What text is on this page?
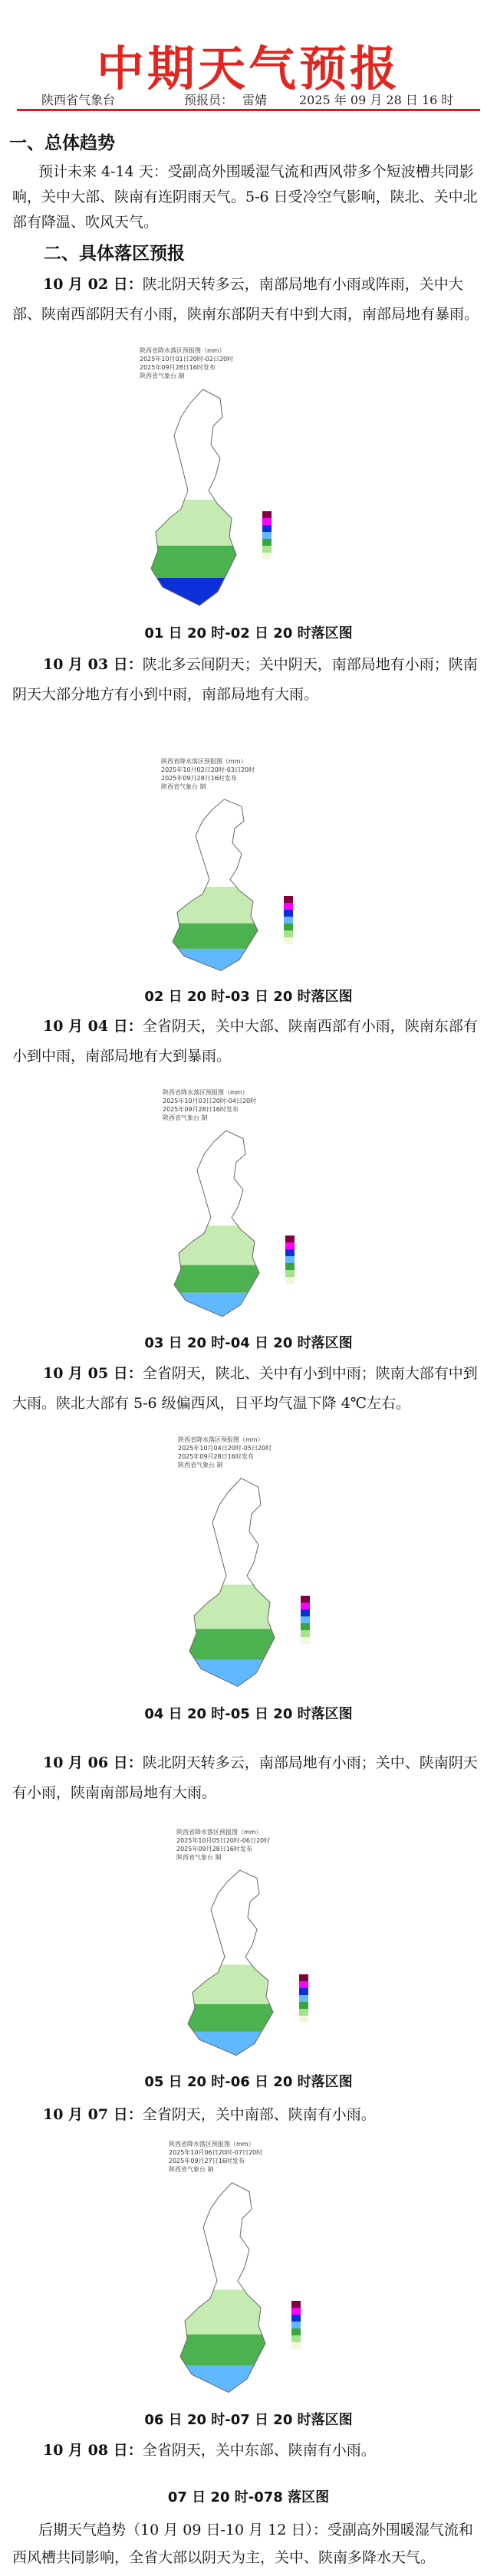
中期天气预报
陕西省气象台	预报员： 雷婧	2025 年 09 月 28 日 16 时
一、总体趋势
预计未来 4-14 天：受副高外围暖湿气流和西风带多个短波槽共同影响，关中大部、陕南有连阴雨天气。5-6 日受冷空气影响，陕北、关中北部有降温、吹风天气。
二、具体落区预报
10 月 02 日：陕北阴天转多云，南部局地有小雨或阵雨，关中大部、陕南西部阴天有小雨，陕南东部阴天有中到大雨，南部局地有暴雨。
陕西省降水落区预报图（mm）
2025年10月01日20时-02日20时
2025年09月28日16时发布
陕西省气象台 制
01 日 20 时-02 日 20 时落区图
10 月 03 日：陕北多云间阴天；关中阴天，南部局地有小雨；陕南阴天大部分地方有小到中雨，南部局地有大雨。
陕西省降水落区预报图（mm）
2025年10月02日20时-03日20时
2025年09月28日16时发布
陕西省气象台 制
02 日 20 时-03 日 20 时落区图
10 月 04 日：全省阴天，关中大部、陕南西部有小雨，陕南东部有小到中雨，南部局地有大到暴雨。
陕西省降水落区预报图（mm）
2025年10月03日20时-04日20时
2025年09月28日16时发布
陕西省气象台 制
03 日 20 时-04 日 20 时落区图
10 月 05 日：全省阴天，陕北、关中有小到中雨；陕南大部有中到大雨。陕北大部有 5-6 级偏西风，日平均气温下降 4℃左右。
陕西省降水落区预报图（mm）
2025年10月04日20时-05日20时
2025年09月28日16时发布
陕西省气象台 制
04 日 20 时-05 日 20 时落区图
10 月 06 日：陕北阴天转多云，南部局地有小雨；关中、陕南阴天有小雨，陕南南部局地有大雨。
陕西省降水落区预报图（mm）
2025年10月05日20时-06日20时
2025年09月28日16时发布
陕西省气象台 制
05 日 20 时-06 日 20 时落区图
10 月 07 日：全省阴天，关中南部、陕南有小雨。
陕西省降水落区预报图（mm）
2025年10月06日20时-07日20时
2025年09月27日16时发布
陕西省气象台 制
06 日 20 时-07 日 20 时落区图
10 月 08 日：全省阴天，关中东部、陕南有小雨。
07 日 20 时-078 落区图
后期天气趋势（10 月 09 日-10 月 12 日）：受副高外围暖湿气流和西风槽共同影响，全省大部以阴天为主，关中、陕南多降水天气。
